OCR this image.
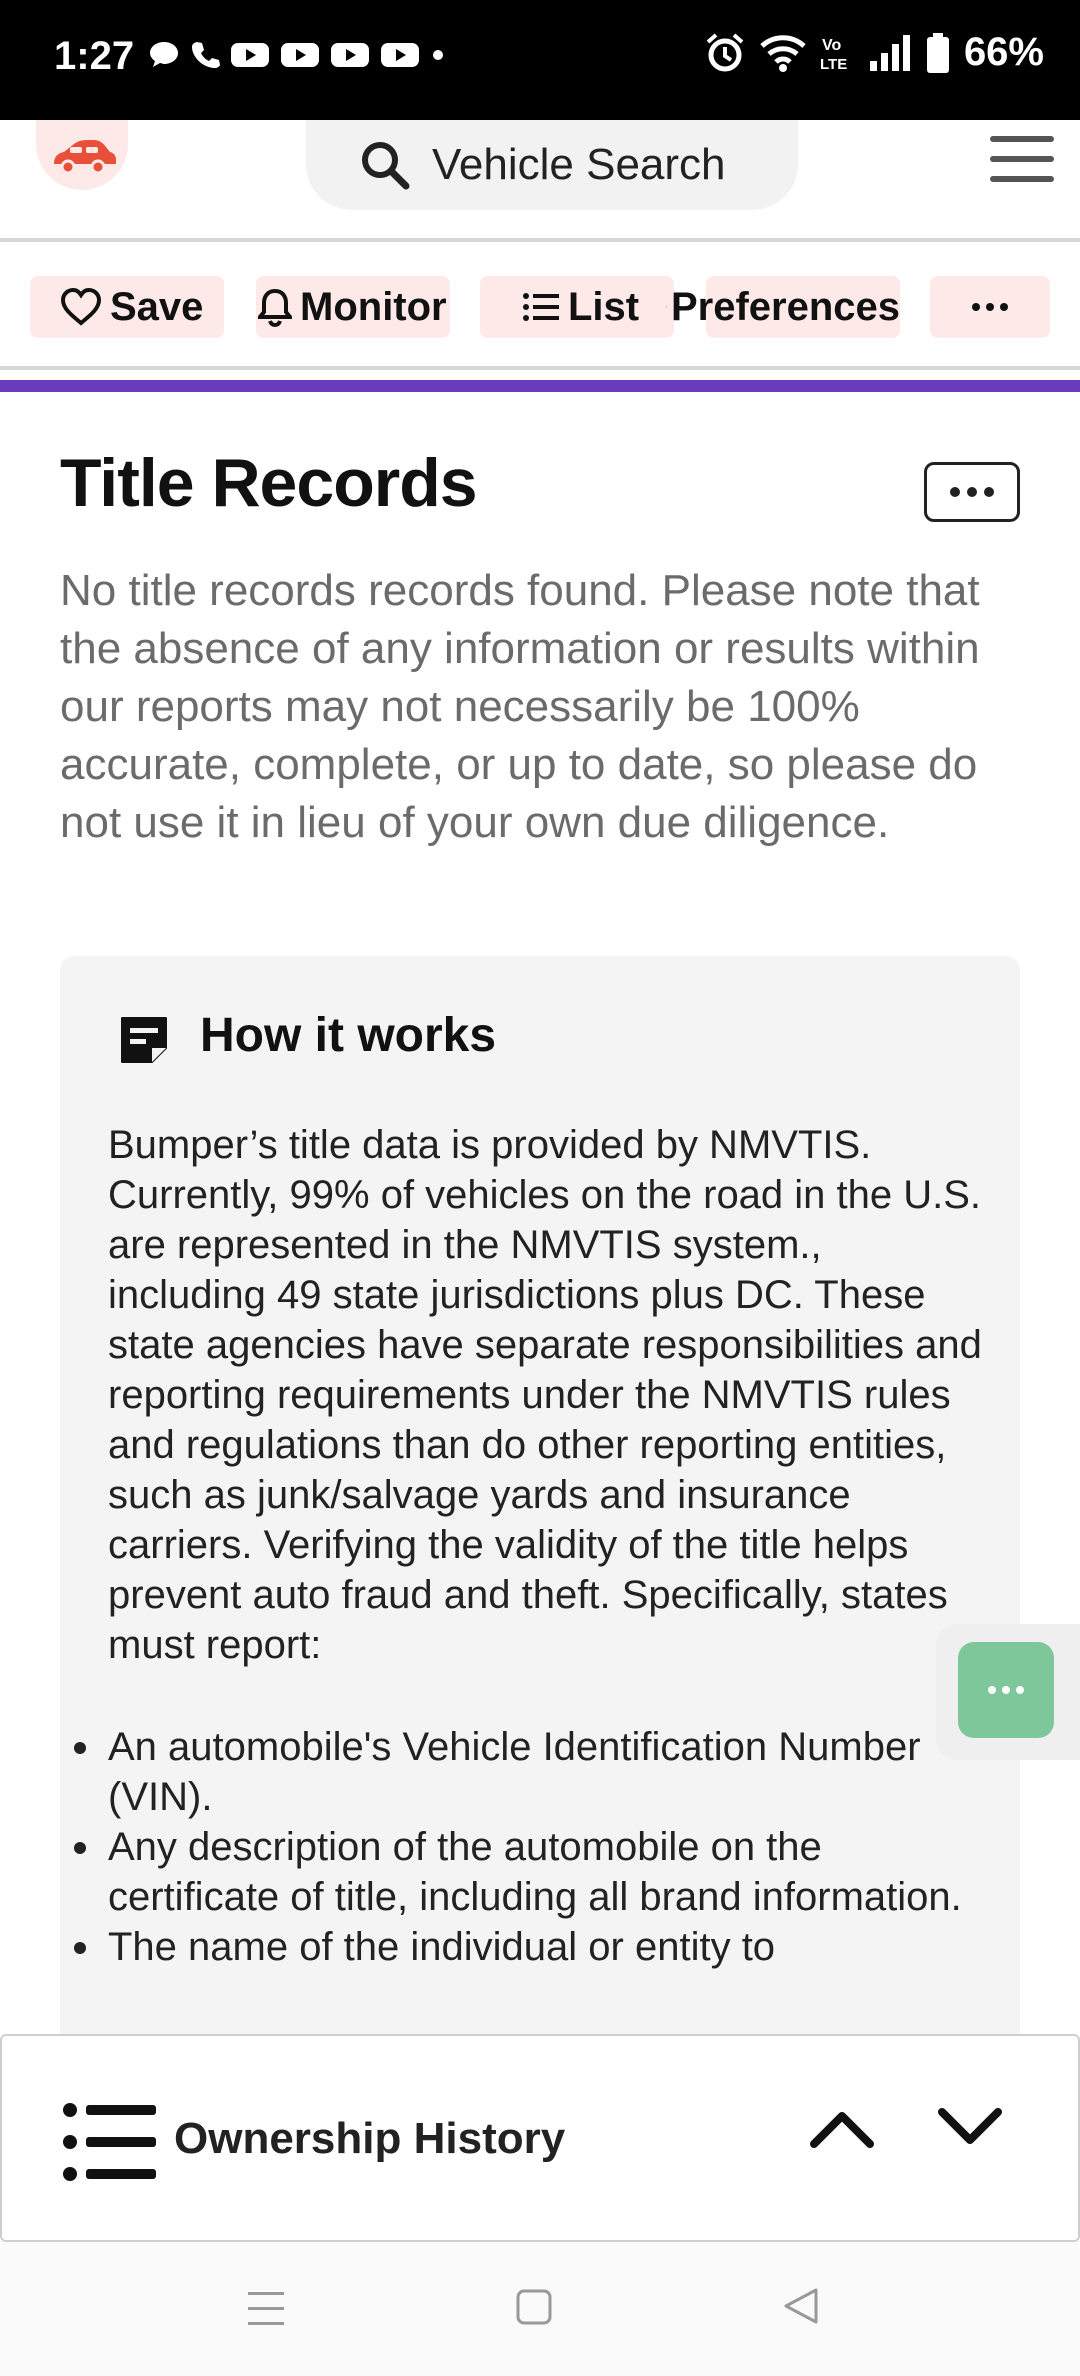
1:27	Vo
LTE	66%
Vehicle Search
Save Monitor	List Preferences
Title Records
No title records records found. Please note that the absence of any information or results within our reports may not necessarily be 100% accurate, complete, or up to date, so please do not use it in lieu of your own due diligence.
How it works
Bumper’s title data is provided by NMVTIS. Currently, 99% of vehicles on the road in the U.S. are represented in the NMVTIS system., including 49 state jurisdictions plus DC. These state agencies have separate responsibilities and reporting requirements under the NMVTIS rules and regulations than do other reporting entities, such as junk/salvage yards and insurance carriers. Verifying the validity of the title helps prevent auto fraud and theft. Specifically, states must report:
An automobile's Vehicle Identification Number (VIN).
Any description of the automobile on the certificate of title, including all brand information.
The name of the individual or entity to
Ownership History
